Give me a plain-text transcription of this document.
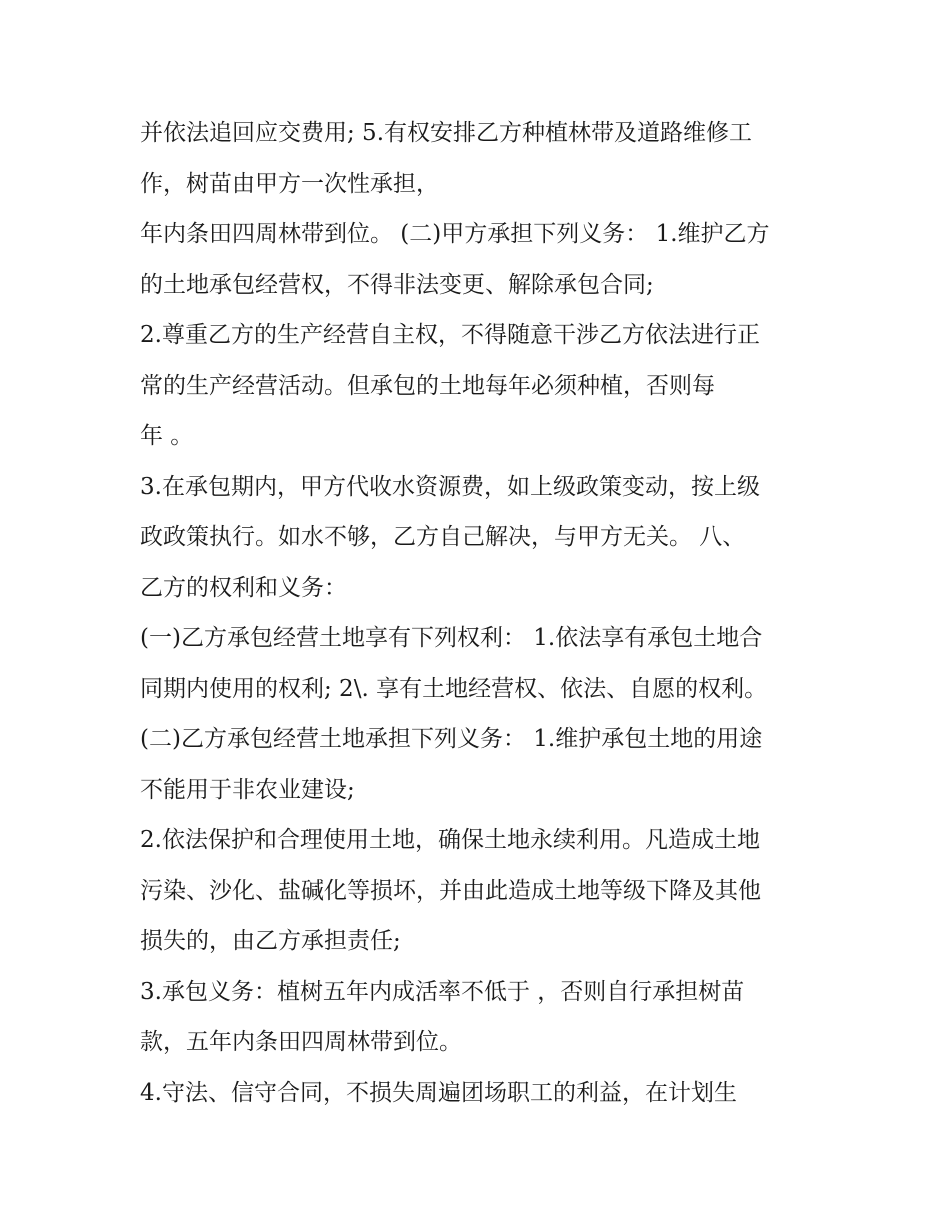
并依法追回应交费用; 5.有权安排乙方种植林带及道路维修工
作，树苗由甲方一次性承担，
年内条田四周林带到位。 (二)甲方承担下列义务： 1.维护乙方
的土地承包经营权，不得非法变更、解除承包合同;
2.尊重乙方的生产经营自主权，不得随意干涉乙方依法进行正
常的生产经营活动。但承包的土地每年必须种植，否则每
年 。
3.在承包期内，甲方代收水资源费，如上级政策变动，按上级
政政策执行。如水不够，乙方自己解决，与甲方无关。 八、
乙方的权利和义务：
(一)乙方承包经营土地享有下列权利： 1.依法享有承包土地合
同期内使用的权利; 2\. 享有土地经营权、依法、自愿的权利。
(二)乙方承包经营土地承担下列义务： 1.维护承包土地的用途
不能用于非农业建设;
2.依法保护和合理使用土地，确保土地永续利用。凡造成土地
污染、沙化、盐碱化等损坏，并由此造成土地等级下降及其他
损失的，由乙方承担责任;
3.承包义务：植树五年内成活率不低于 ，否则自行承担树苗
款，五年内条田四周林带到位。
4.守法、信守合同，不损失周遍团场职工的利益，在计划生
